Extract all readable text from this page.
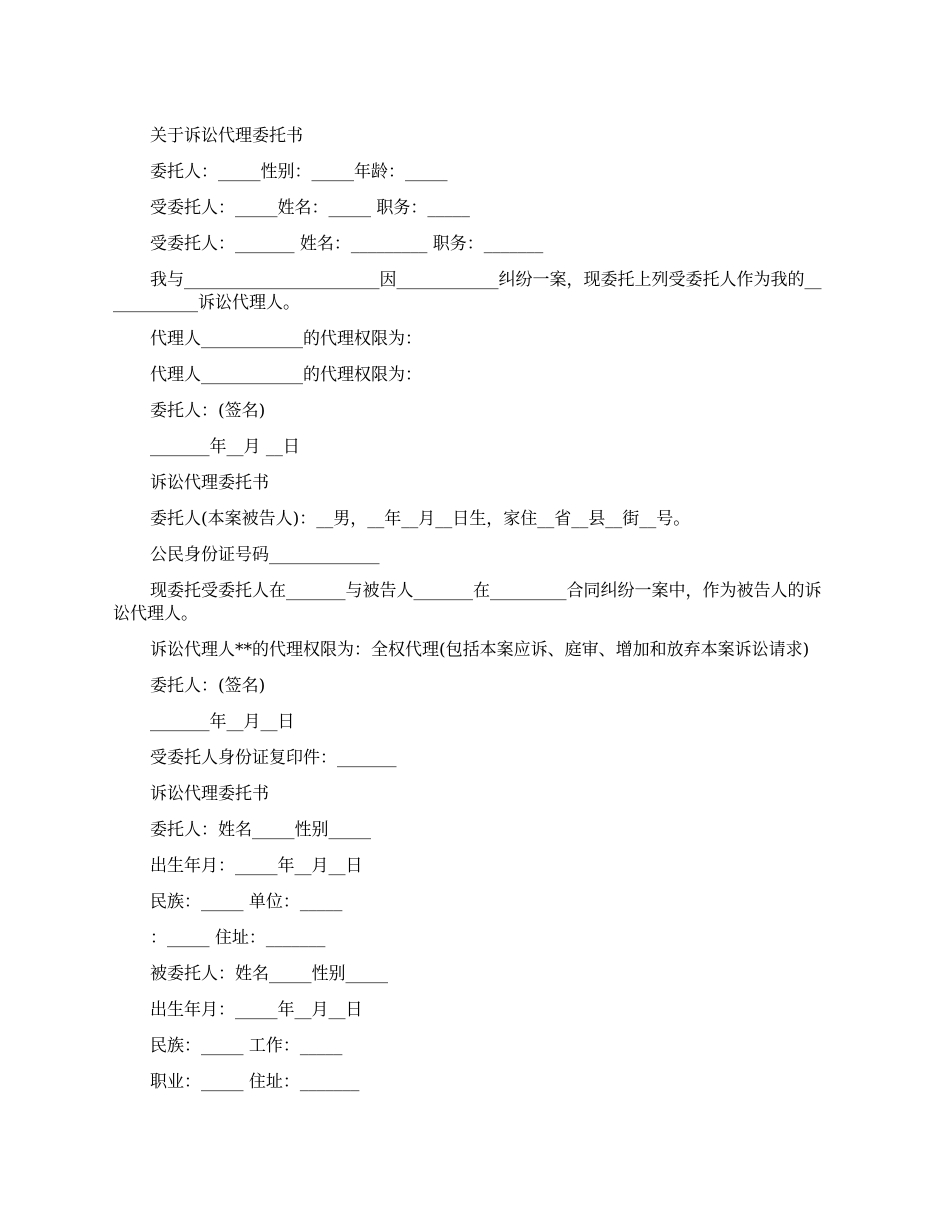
关于诉讼代理委托书

委托人：_____性别：_____年龄：_____

受委托人：_____姓名：_____ 职务：_____

受委托人：_______ 姓名：_________ 职务：_______

我与_______________________因____________纠纷一案，现委托上列受委托人作为我的____________诉讼代理人。

代理人____________的代理权限为：

代理人____________的代理权限为：

委托人：(签名)

_______年__月 __日

诉讼代理委托书

委托人(本案被告人)：__男，__年__月__日生，家住__省__县__街__号。

公民身份证号码_____________

现委托受委托人在_______与被告人_______在_________合同纠纷一案中，作为被告人的诉讼代理人。

诉讼代理人**的代理权限为：全权代理(包括本案应诉、庭审、增加和放弃本案诉讼请求)

委托人：(签名)

_______年__月__日

受委托人身份证复印件：_______

诉讼代理委托书

委托人：姓名_____性别_____

出生年月：_____年__月__日

民族：_____ 单位：_____

：_____ 住址：_______

被委托人：姓名_____性别_____

出生年月：_____年__月__日

民族：_____ 工作：_____

职业：_____ 住址：_______
